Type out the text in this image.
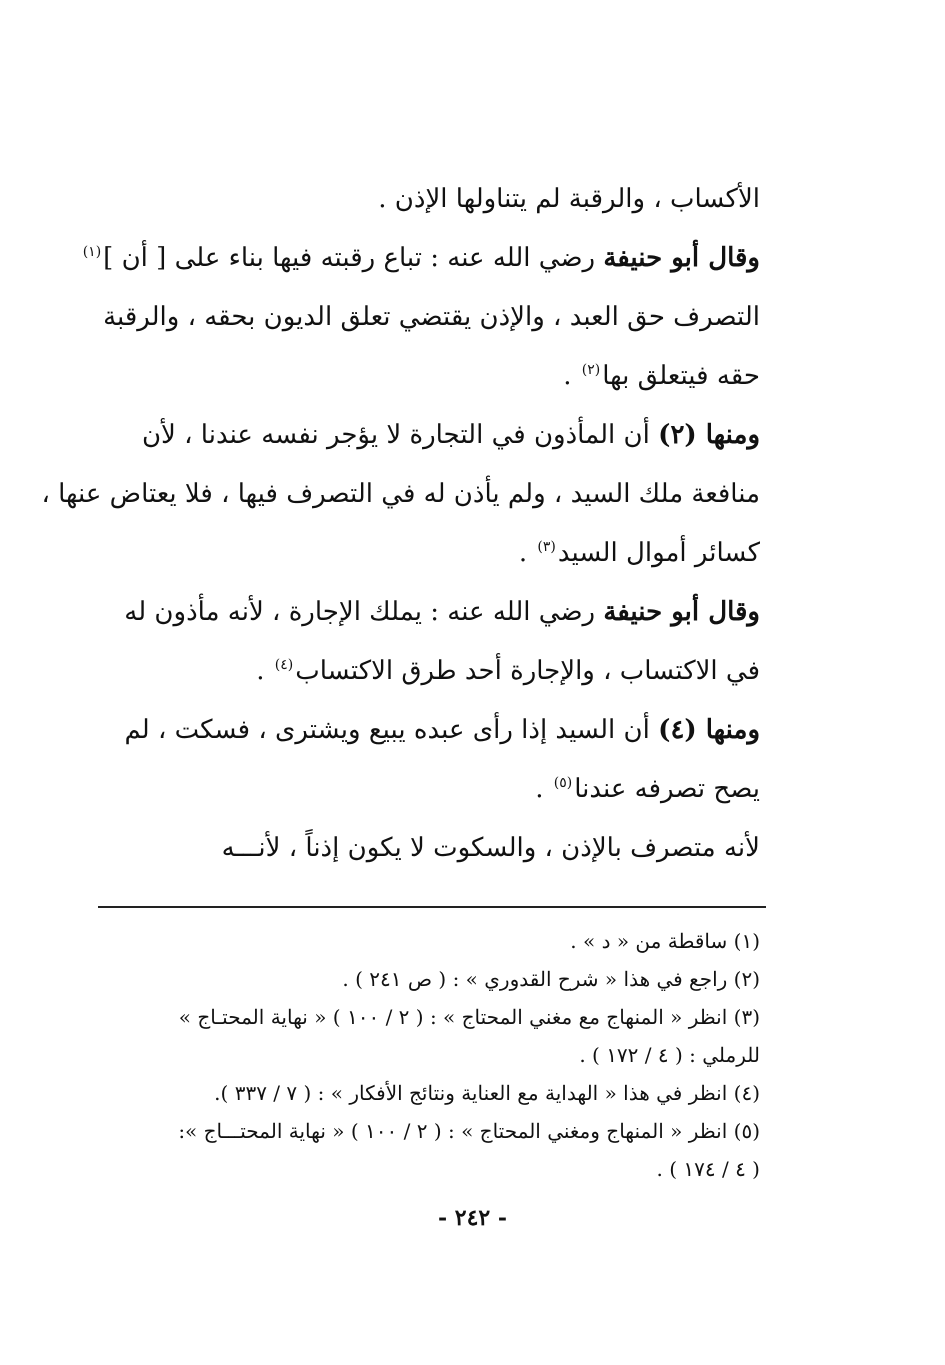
الأكساب ، والرقبة لم يتناولها الإذن .
وقال أبو حنيفة رضي الله عنه : تباع رقبته فيها بناء على [ أن ]$^{(١)}$
التصرف حق العبد ، والإذن يقتضي تعلق الديون بحقه ، والرقبة
حقه فيتعلق بها$^{(٢)}$ .
ومنها (٢) أن المأذون في التجارة لا يؤجر نفسه عندنا ، لأن
منافعة ملك السيد ، ولم يأذن له في التصرف فيها ، فلا يعتاض عنها ،
كسائر أموال السيد$^{(٣)}$ .
وقال أبو حنيفة رضي الله عنه : يملك الإجارة ، لأنه مأذون له
في الاكتساب ، والإجارة أحد طرق الاكتساب$^{(٤)}$ .
ومنها (٤) أن السيد إذا رأى عبده يبيع ويشترى ، فسكت ، لم
يصح تصرفه عندنا$^{(٥)}$ .
لأنه متصرف بالإذن ، والسكوت لا يكون إذناً ، لأنـــه
(١) ساقطة من « د » .
(٢) راجع في هذا « شرح القدوري » : ( ص ٢٤١ ) .
(٣) انظر « المنهاج مع مغني المحتاج » : ( ٢ / ١٠٠ ) « نهاية المحتـاج »
للرملي : ( ٤ / ١٧٢ ) .
(٤) انظر في هذا « الهداية مع العناية ونتائج الأفكار » : ( ٧ / ٣٣٧ ).
(٥) انظر « المنهاج ومغني المحتاج » : ( ٢ / ١٠٠ ) « نهاية المحتـــاج »:
( ٤ / ١٧٤ ) .
- ٢٤٢ -
